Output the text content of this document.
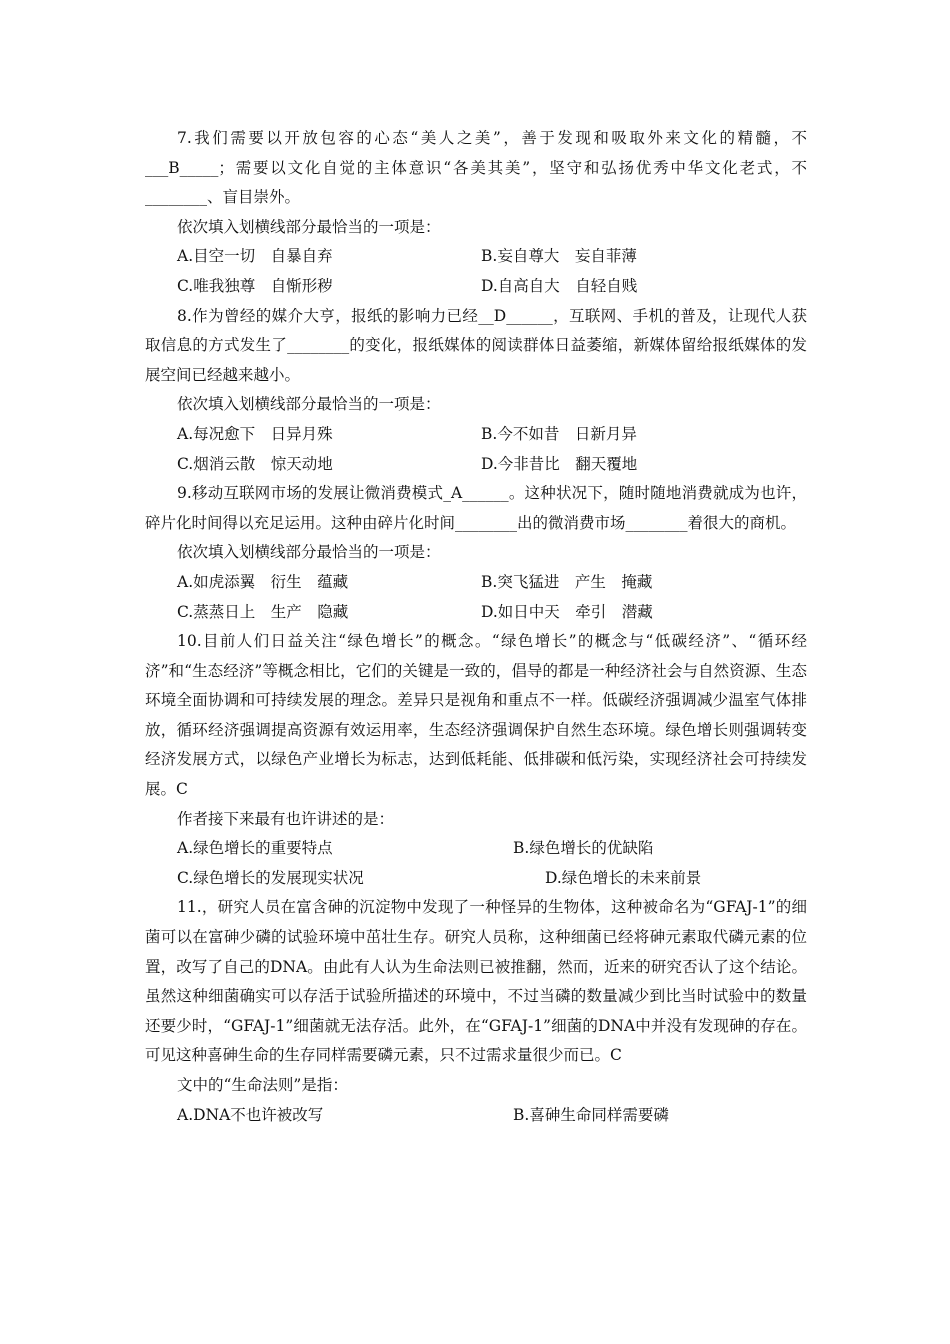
7.我们需要以开放包容的心态“美人之美”，善于发现和吸取外来文化的精髓，不___B_____；需要以文化自觉的主体意识“各美其美”，坚守和弘扬优秀中华文化老式，不________、盲目崇外。
依次填入划横线部分最恰当的一项是：
A.目空一切　自暴自弃	B.妄自尊大　妄自菲薄
C.唯我独尊　自惭形秽	D.自高自大　自轻自贱
8.作为曾经的媒介大亨，报纸的影响力已经__D______，互联网、手机的普及，让现代人获取信息的方式发生了________的变化，报纸媒体的阅读群体日益萎缩，新媒体留给报纸媒体的发展空间已经越来越小。
依次填入划横线部分最恰当的一项是：
A.每况愈下　日异月殊	B.今不如昔　日新月异
C.烟消云散　惊天动地	D.今非昔比　翻天覆地
9.移动互联网市场的发展让微消费模式_A______。这种状况下，随时随地消费就成为也许，碎片化时间得以充足运用。这种由碎片化时间________出的微消费市场________着很大的商机。
依次填入划横线部分最恰当的一项是：
A.如虎添翼　衍生　蕴藏	B.突飞猛进　产生　掩藏
C.蒸蒸日上　生产　隐藏	D.如日中天　牵引　潜藏
10.目前人们日益关注“绿色增长”的概念。“绿色增长”的概念与“低碳经济”、“循环经济”和“生态经济”等概念相比，它们的关键是一致的，倡导的都是一种经济社会与自然资源、生态环境全面协调和可持续发展的理念。差异只是视角和重点不一样。低碳经济强调减少温室气体排放，循环经济强调提高资源有效运用率，生态经济强调保护自然生态环境。绿色增长则强调转变经济发展方式，以绿色产业增长为标志，达到低耗能、低排碳和低污染，实现经济社会可持续发展。C
作者接下来最有也许讲述的是：
A.绿色增长的重要特点	B.绿色增长的优缺陷
C.绿色增长的发展现实状况	D.绿色增长的未来前景
11.，研究人员在富含砷的沉淀物中发现了一种怪异的生物体，这种被命名为“GFAJ-1”的细菌可以在富砷少磷的试验环境中茁壮生存。研究人员称，这种细菌已经将砷元素取代磷元素的位置，改写了自己的DNA。由此有人认为生命法则已被推翻，然而，近来的研究否认了这个结论。虽然这种细菌确实可以存活于试验所描述的环境中，不过当磷的数量减少到比当时试验中的数量还要少时，“GFAJ-1”细菌就无法存活。此外，在“GFAJ-1”细菌的DNA中并没有发现砷的存在。可见这种喜砷生命的生存同样需要磷元素，只不过需求量很少而已。C
文中的“生命法则”是指：
A.DNA不也许被改写	B.喜砷生命同样需要磷
